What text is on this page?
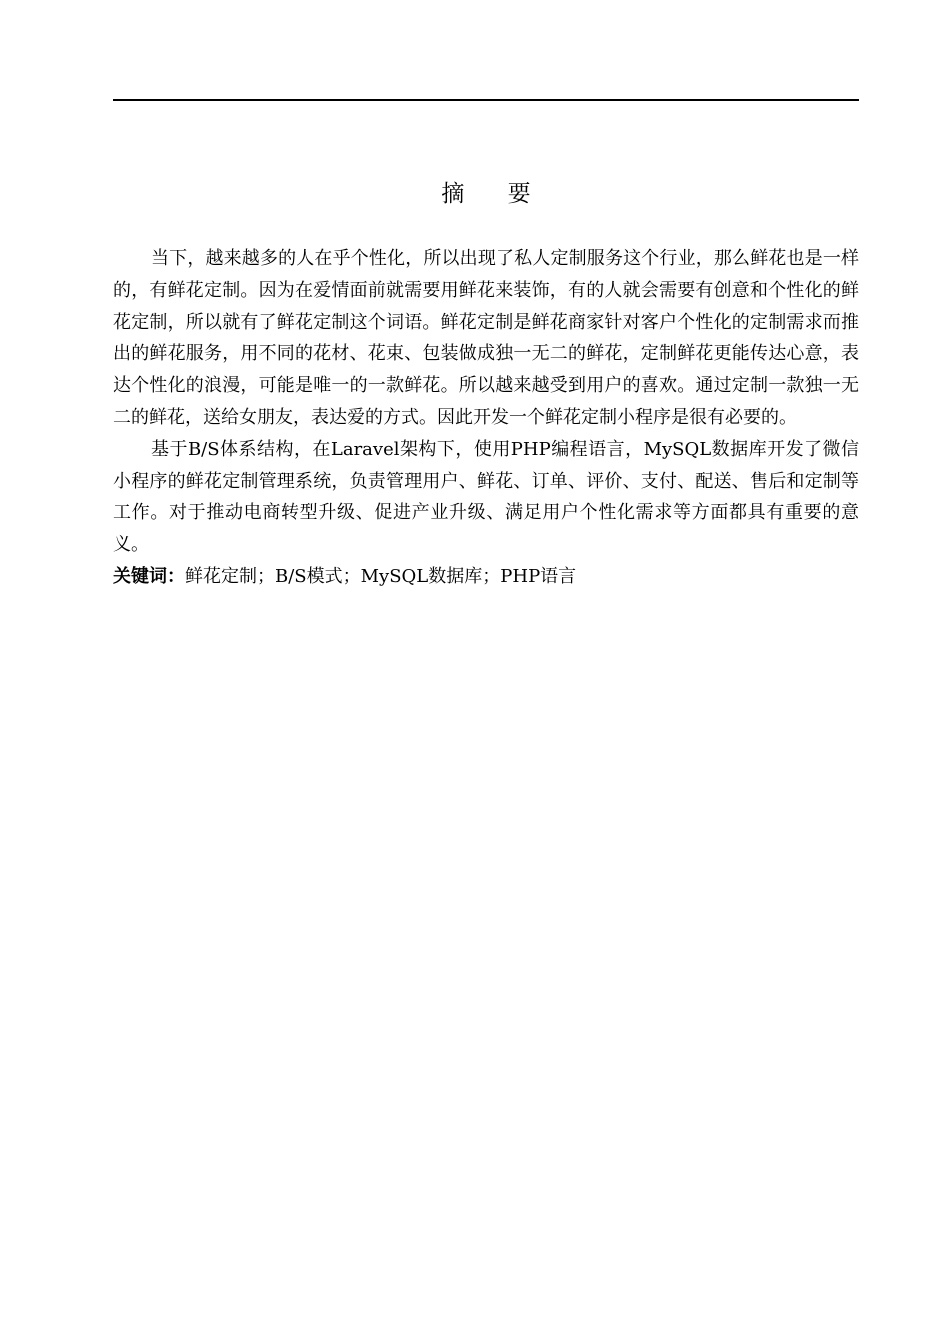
摘 要

当下，越来越多的人在乎个性化，所以出现了私人定制服务这个行业，那么鲜花也是一样的，有鲜花定制。因为在爱情面前就需要用鲜花来装饰，有的人就会需要有创意和个性化的鲜花定制，所以就有了鲜花定制这个词语。鲜花定制是鲜花商家针对客户个性化的定制需求而推出的鲜花服务，用不同的花材、花束、包装做成独一无二的鲜花，定制鲜花更能传达心意，表达个性化的浪漫，可能是唯一的一款鲜花。所以越来越受到用户的喜欢。通过定制一款独一无二的鲜花，送给女朋友，表达爱的方式。因此开发一个鲜花定制小程序是很有必要的。

基于B/S体系结构，在Laravel架构下，使用PHP编程语言，MySQL数据库开发了微信小程序的鲜花定制管理系统，负责管理用户、鲜花、订单、评价、支付、配送、售后和定制等工作。对于推动电商转型升级、促进产业升级、满足用户个性化需求等方面都具有重要的意义。

关键词：鲜花定制；B/S模式；MySQL数据库；PHP语言
